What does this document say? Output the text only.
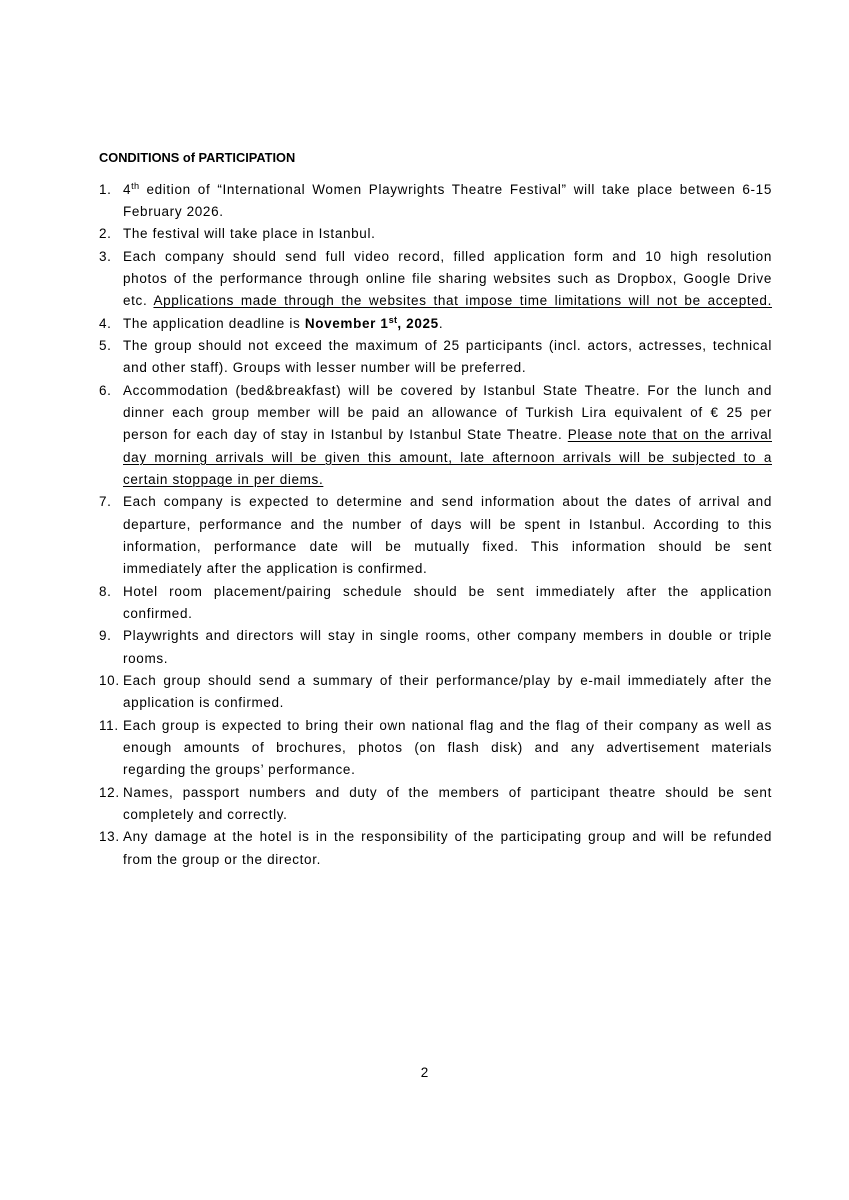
CONDITIONS of PARTICIPATION
1. 4th edition of “International Women Playwrights Theatre Festival” will take place between 6-15
February 2026.
2. The festival will take place in Istanbul.
3. Each company should send full video record, filled application form and 10 high resolution
photos of the performance through online file sharing websites such as Dropbox, Google Drive
etc. Applications made through the websites that impose time limitations will not be accepted.
4. The application deadline is November 1st, 2025.
5. The group should not exceed the maximum of 25 participants (incl. actors, actresses, technical
and other staff). Groups with lesser number will be preferred.
6. Accommodation (bed&breakfast) will be covered by Istanbul State Theatre. For the lunch and
dinner each group member will be paid an allowance of Turkish Lira equivalent of € 25 per
person for each day of stay in Istanbul by Istanbul State Theatre. Please note that on the arrival
day morning arrivals will be given this amount, late afternoon arrivals will be subjected to a
certain stoppage in per diems.
7. Each company is expected to determine and send information about the dates of arrival and
departure, performance and the number of days will be spent in Istanbul. According to this
information, performance date will be mutually fixed. This information should be sent
immediately after the application is confirmed.
8. Hotel room placement/pairing schedule should be sent immediately after the application
confirmed.
9. Playwrights and directors will stay in single rooms, other company members in double or triple
rooms.
10. Each group should send a summary of their performance/play by e-mail immediately after the
application is confirmed.
11. Each group is expected to bring their own national flag and the flag of their company as well as
enough amounts of brochures, photos (on flash disk) and any advertisement materials
regarding the groups’ performance.
12. Names, passport numbers and duty of the members of participant theatre should be sent
completely and correctly.
13. Any damage at the hotel is in the responsibility of the participating group and will be refunded
from the group or the director.
2
